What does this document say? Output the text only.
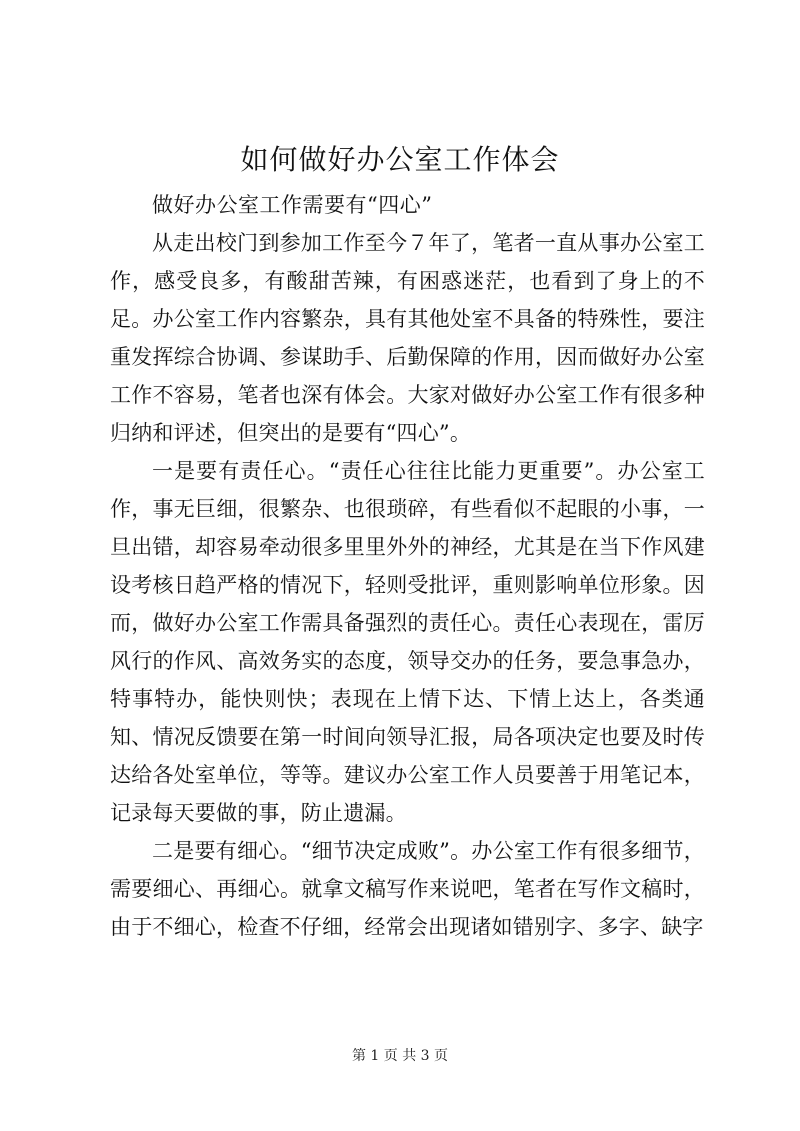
如何做好办公室工作体会

做好办公室工作需要有“四心”

从走出校门到参加工作至今７年了，笔者一直从事办公室工作，感受良多，有酸甜苦辣，有困惑迷茫，也看到了身上的不足。办公室工作内容繁杂，具有其他处室不具备的特殊性，要注重发挥综合协调、参谋助手、后勤保障的作用，因而做好办公室工作不容易，笔者也深有体会。大家对做好办公室工作有很多种归纳和评述，但突出的是要有“四心”。

一是要有责任心。“责任心往往比能力更重要”。办公室工作，事无巨细，很繁杂、也很琐碎，有些看似不起眼的小事，一旦出错，却容易牵动很多里里外外的神经，尤其是在当下作风建设考核日趋严格的情况下，轻则受批评，重则影响单位形象。因而，做好办公室工作需具备强烈的责任心。责任心表现在，雷厉风行的作风、高效务实的态度，领导交办的任务，要急事急办，特事特办，能快则快；表现在上情下达、下情上达上，各类通知、情况反馈要在第一时间向领导汇报，局各项决定也要及时传达给各处室单位，等等。建议办公室工作人员要善于用笔记本，记录每天要做的事，防止遗漏。

二是要有细心。“细节决定成败”。办公室工作有很多细节，需要细心、再细心。就拿文稿写作来说吧，笔者在写作文稿时，由于不细心，检查不仔细，经常会出现诸如错别字、多字、缺字

第 1 页 共 3 页
